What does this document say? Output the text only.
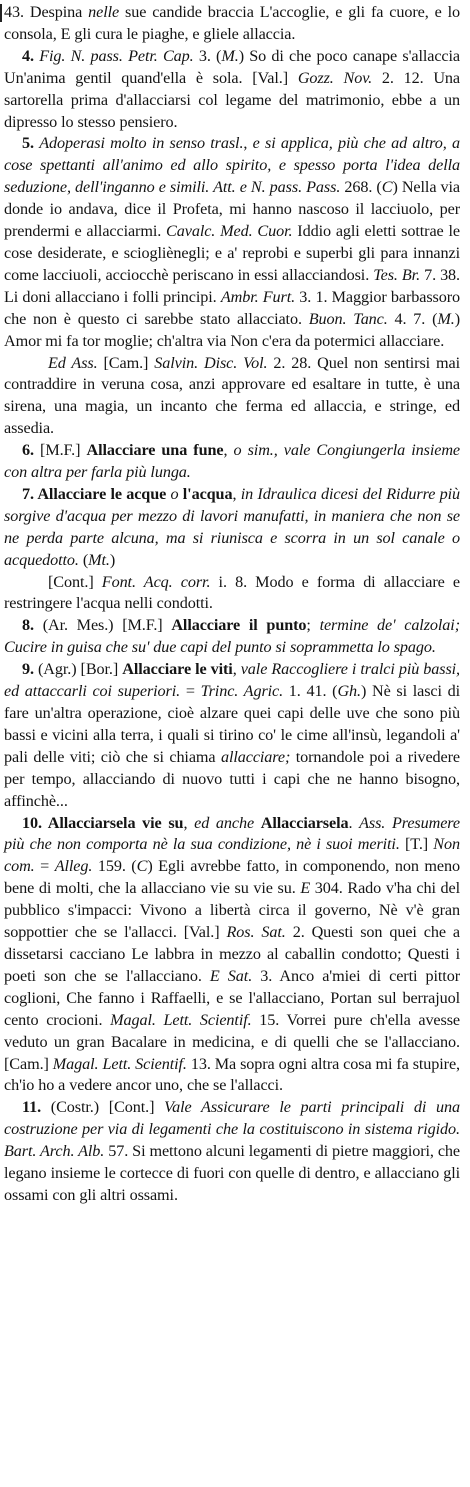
43. Despina nelle sue candide braccia L'accoglie, e gli fa cuore, e lo consola, E gli cura le piaghe, e gliele allaccia.

4. Fig. N. pass. Petr. Cap. 3. (M.) So di che poco canape s'allaccia Un'anima gentil quand'ella è sola. [Val.] Gozz. Nov. 2. 12. Una sartorella prima d'allacciarsi col legame del matrimonio, ebbe a un dipresso lo stesso pensiero.

5. Adoperasi molto in senso trasl., e si applica, più che ad altro, a cose spettanti all'animo ed allo spirito, e spesso porta l'idea della seduzione, dell'inganno e simili. Att. e N. pass. Pass. 268. (C) Nella via donde io andava, dice il Profeta, mi hanno nascoso il lacciuolo, per prendermi e allacciarmi. Cavalc. Med. Cuor. Iddio agli eletti sottrae le cose desiderate, e sciogliènegli; e a' reprobi e superbi gli para innanzi come lacciuoli, acciocchè periscano in essi allacciandosi. Tes. Br. 7. 38. Li doni allacciano i folli principi. Ambr. Furt. 3. 1. Maggior barbassoro che non è questo ci sarebbe stato allacciato. Buon. Tanc. 4. 7. (M.) Amor mi fa tor moglie; ch'altra via Non c'era da potermici allacciare.

Ed Ass. [Cam.] Salvin. Disc. Vol. 2. 28. Quel non sentirsi mai contraddire in veruna cosa, anzi approvare ed esaltare in tutte, è una sirena, una magia, un incanto che ferma ed allaccia, e stringe, ed assedia.

6. [M.F.] Allacciare una fune, o sim., vale Congiungerla insieme con altra per farla più lunga.

7. Allacciare le acque o l'acqua, in Idraulica dicesi del Ridurre più sorgive d'acqua per mezzo di lavori manufatti, in maniera che non se ne perda parte alcuna, ma si riunisca e scorra in un sol canale o acquedotto. (Mt.)

[Cont.] Font. Acq. corr. i. 8. Modo e forma di allacciare e restringere l'acqua nelli condotti.

8. (Ar. Mes.) [M.F.] Allacciare il punto; termine de' calzolai; Cucire in guisa che su' due capi del punto si soprammetta lo spago.

9. (Agr.) [Bor.] Allacciare le viti, vale Raccogliere i tralci più bassi, ed attaccarli coi superiori. = Trinc. Agric. 1. 41. (Gh.) Nè si lasci di fare un'altra operazione, cioè alzare quei capi delle uve che sono più bassi e vicini alla terra, i quali si tirino co' le cime all'insù, legandoli a' pali delle viti; ciò che si chiama allacciare; tornandole poi a rivedere per tempo, allacciando di nuovo tutti i capi che ne hanno bisogno, affinchè...

10. Allacciarsela vie su, ed anche Allacciarsela. Ass. Presumere più che non comporta nè la sua condizione, nè i suoi meriti. [T.] Non com. = Alleg. 159. (C) Egli avrebbe fatto, in componendo, non meno bene di molti, che la allacciano vie su vie su. E 304. Rado v'ha chi del pubblico s'impacci: Vivono a libertà circa il governo, Nè v'è gran soppottier che se l'allacci. [Val.] Ros. Sat. 2. Questi son quei che a dissetarsi cacciano Le labbra in mezzo al caballin condotto; Questi i poeti son che se l'allacciano. E Sat. 3. Anco a'miei di certi pittor coglioni, Che fanno i Raffaelli, e se l'allacciano, Portan sul berrajuol cento crocioni. Magal. Lett. Scientif. 15. Vorrei pure ch'ella avesse veduto un gran Bacalare in medicina, e di quelli che se l'allacciano. [Cam.] Magal. Lett. Scientif. 13. Ma sopra ogni altra cosa mi fa stupire, ch'io ho a vedere ancor uno, che se l'allacci.

11. (Costr.) [Cont.] Vale Assicurare le parti principali di una costruzione per via di legamenti che la costituiscono in sistema rigido. Bart. Arch. Alb. 57. Si mettono alcuni legamenti di pietre maggiori, che legano insieme le cortecce di fuori con quelle di dentro, e allacciano gli ossami con gli altri ossami.
